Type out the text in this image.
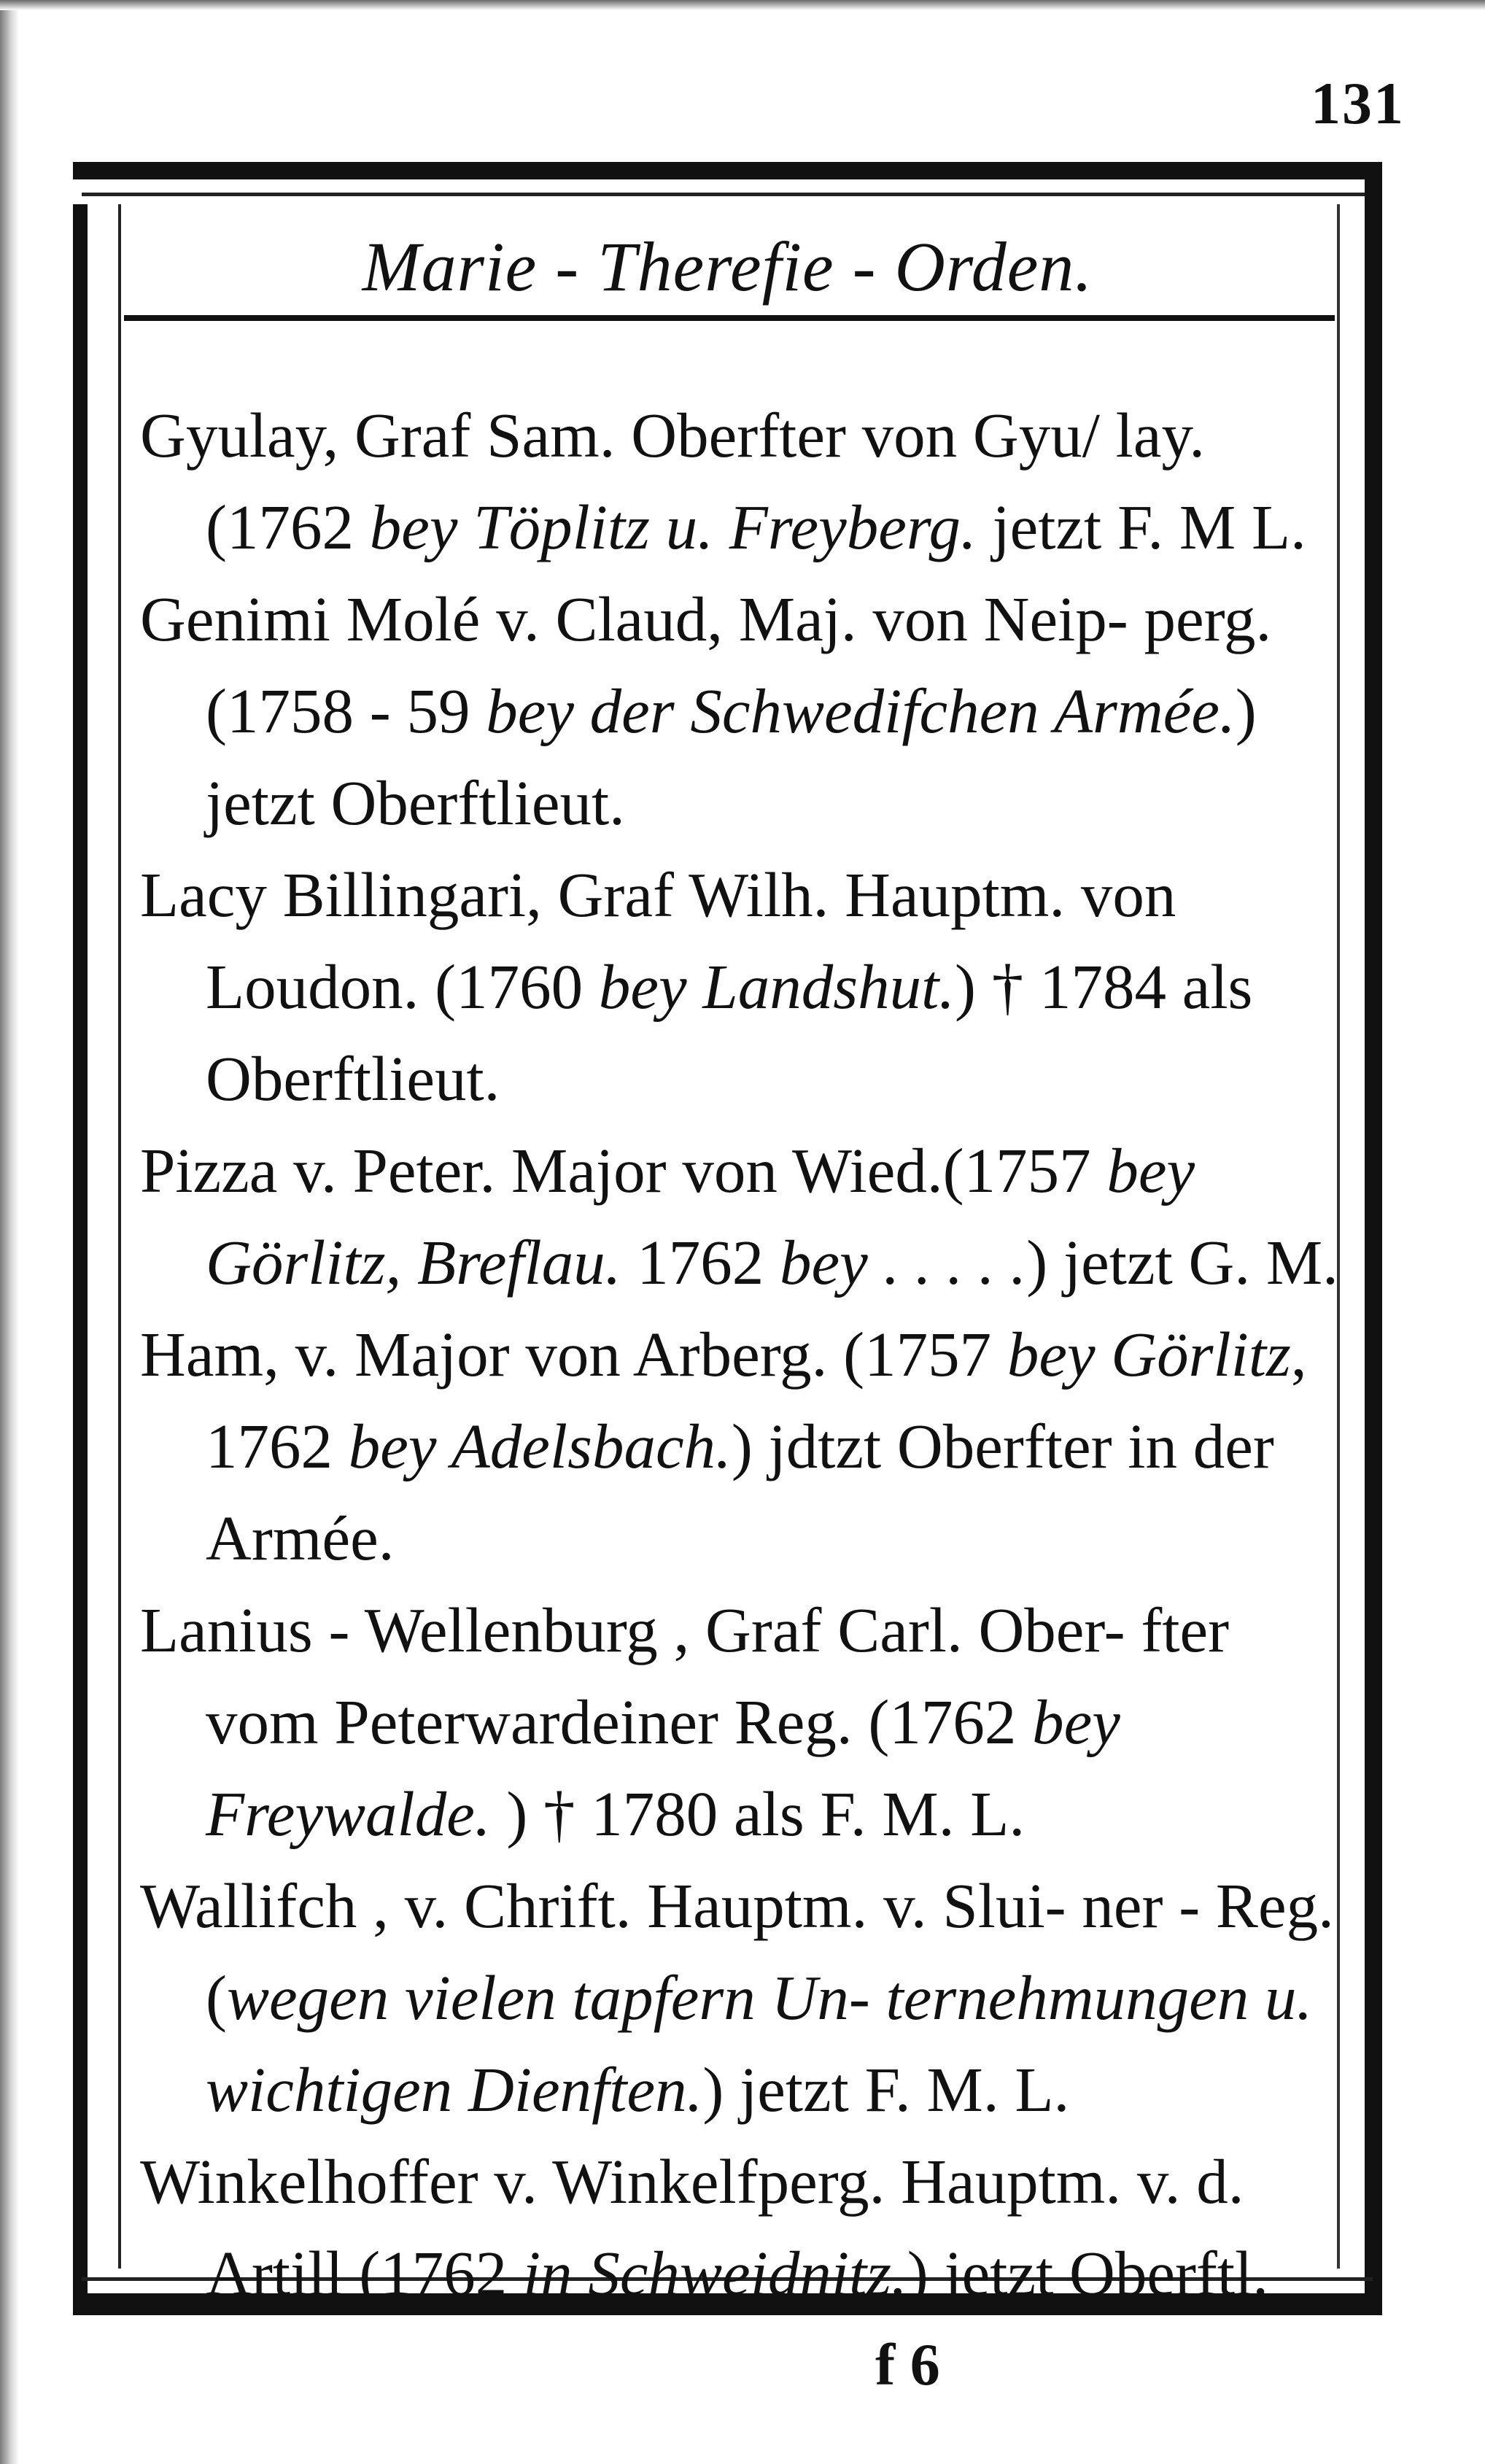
131
Marie - Therefie - Orden.
Gyulay, Graf Sam. Oberfter von Gyu/ lay. (1762 bey Töplitz u. Freyberg. jetzt F. M L.
Genimi Molé v. Claud, Maj. von Neip- perg. (1758 - 59 bey der Schwedifchen Armée.) jetzt Oberftlieut.
Lacy Billingari, Graf Wilh. Hauptm. von Loudon. (1760 bey Landshut.) † 1784 als Oberftlieut.
Pizza v. Peter. Major von Wied.(1757 bey Görlitz, Breflau. 1762 bey . . . . .) jetzt G. M.
Ham, v. Major von Arberg. (1757 bey Görlitz, 1762 bey Adelsbach.) jdtzt Oberfter in der Armée.
Lanius - Wellenburg , Graf Carl. Ober- fter vom Peterwardeiner Reg. (1762 bey Freywalde. ) † 1780 als F. M. L.
Wallifch , v. Chrift. Hauptm. v. Slui- ner - Reg. (wegen vielen tapfern Un- ternehmungen u. wichtigen Dienften.) jetzt F. M. L.
Winkelhoffer v. Winkelfperg. Hauptm. v. d. Artill (1762 in Schweidnitz.) jetzt Oberftl.
f 6
